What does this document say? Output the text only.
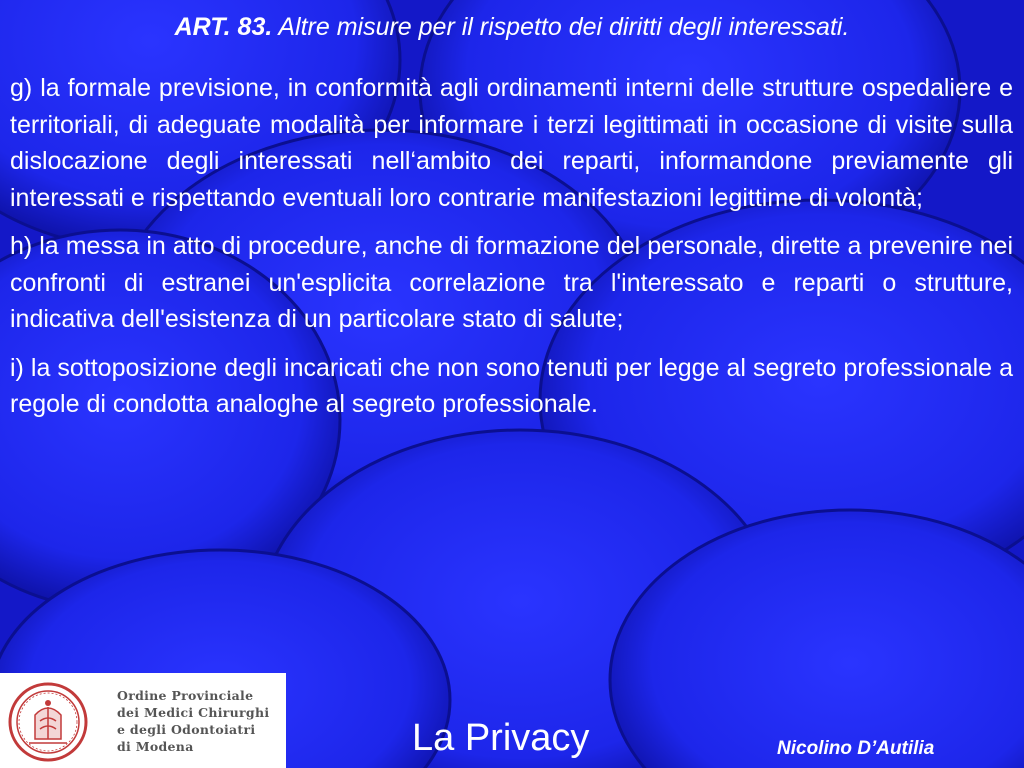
ART. 83. Altre misure per il rispetto dei diritti degli interessati.

g) la formale previsione, in conformità agli ordinamenti interni delle strutture ospedaliere e territoriali, di adeguate modalità per informare i terzi legittimati in occasione di visite sulla dislocazione degli interessati nell‘ambito dei reparti, informandone previamente gli interessati e rispettando eventuali loro contrarie manifestazioni legittime di volontà;

h) la messa in atto di procedure, anche di formazione del personale, dirette a prevenire nei confronti di estranei un'esplicita correlazione tra l'interessato e reparti o strutture, indicativa dell'esistenza di un particolare stato di salute;

i) la sottoposizione degli incaricati che non sono tenuti per legge al segreto professionale a regole di condotta analoghe al segreto professionale.

Ordine Provinciale
dei Medici Chirurghi
e degli Odontoiatri
di Modena	La Privacy	Nicolino D’Autilia
